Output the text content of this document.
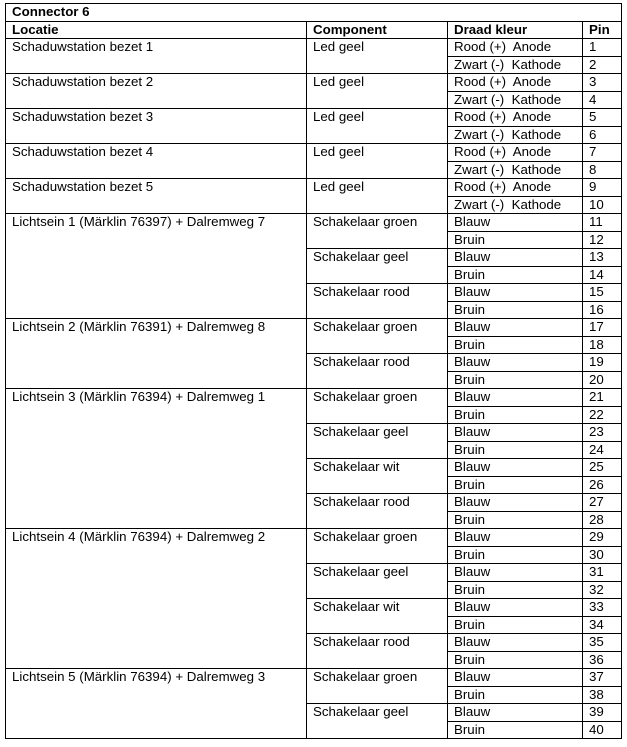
Connector 6			
Locatie	Component	Draad kleur	Pin
Schaduwstation bezet 1	Led geel	Rood (+)  Anode	1
		Zwart (-)  Kathode	2
Schaduwstation bezet 2	Led geel	Rood (+)  Anode	3
		Zwart (-)  Kathode	4
Schaduwstation bezet 3	Led geel	Rood (+)  Anode	5
		Zwart (-)  Kathode	6
Schaduwstation bezet 4	Led geel	Rood (+)  Anode	7
		Zwart (-)  Kathode	8
Schaduwstation bezet 5	Led geel	Rood (+)  Anode	9
		Zwart (-)  Kathode	10
Lichtsein 1 (Märklin 76397) + Dalremweg 7	Schakelaar groen	Blauw	11
		Bruin	12
	Schakelaar geel	Blauw	13
		Bruin	14
	Schakelaar rood	Blauw	15
		Bruin	16
Lichtsein 2 (Märklin 76391) + Dalremweg 8	Schakelaar groen	Blauw	17
		Bruin	18
	Schakelaar rood	Blauw	19
		Bruin	20
Lichtsein 3 (Märklin 76394) + Dalremweg 1	Schakelaar groen	Blauw	21
		Bruin	22
	Schakelaar geel	Blauw	23
		Bruin	24
	Schakelaar wit	Blauw	25
		Bruin	26
	Schakelaar rood	Blauw	27
		Bruin	28
Lichtsein 4 (Märklin 76394) + Dalremweg 2	Schakelaar groen	Blauw	29
		Bruin	30
	Schakelaar geel	Blauw	31
		Bruin	32
	Schakelaar wit	Blauw	33
		Bruin	34
	Schakelaar rood	Blauw	35
		Bruin	36
Lichtsein 5 (Märklin 76394) + Dalremweg 3	Schakelaar groen	Blauw	37
		Bruin	38
	Schakelaar geel	Blauw	39
		Bruin	40
